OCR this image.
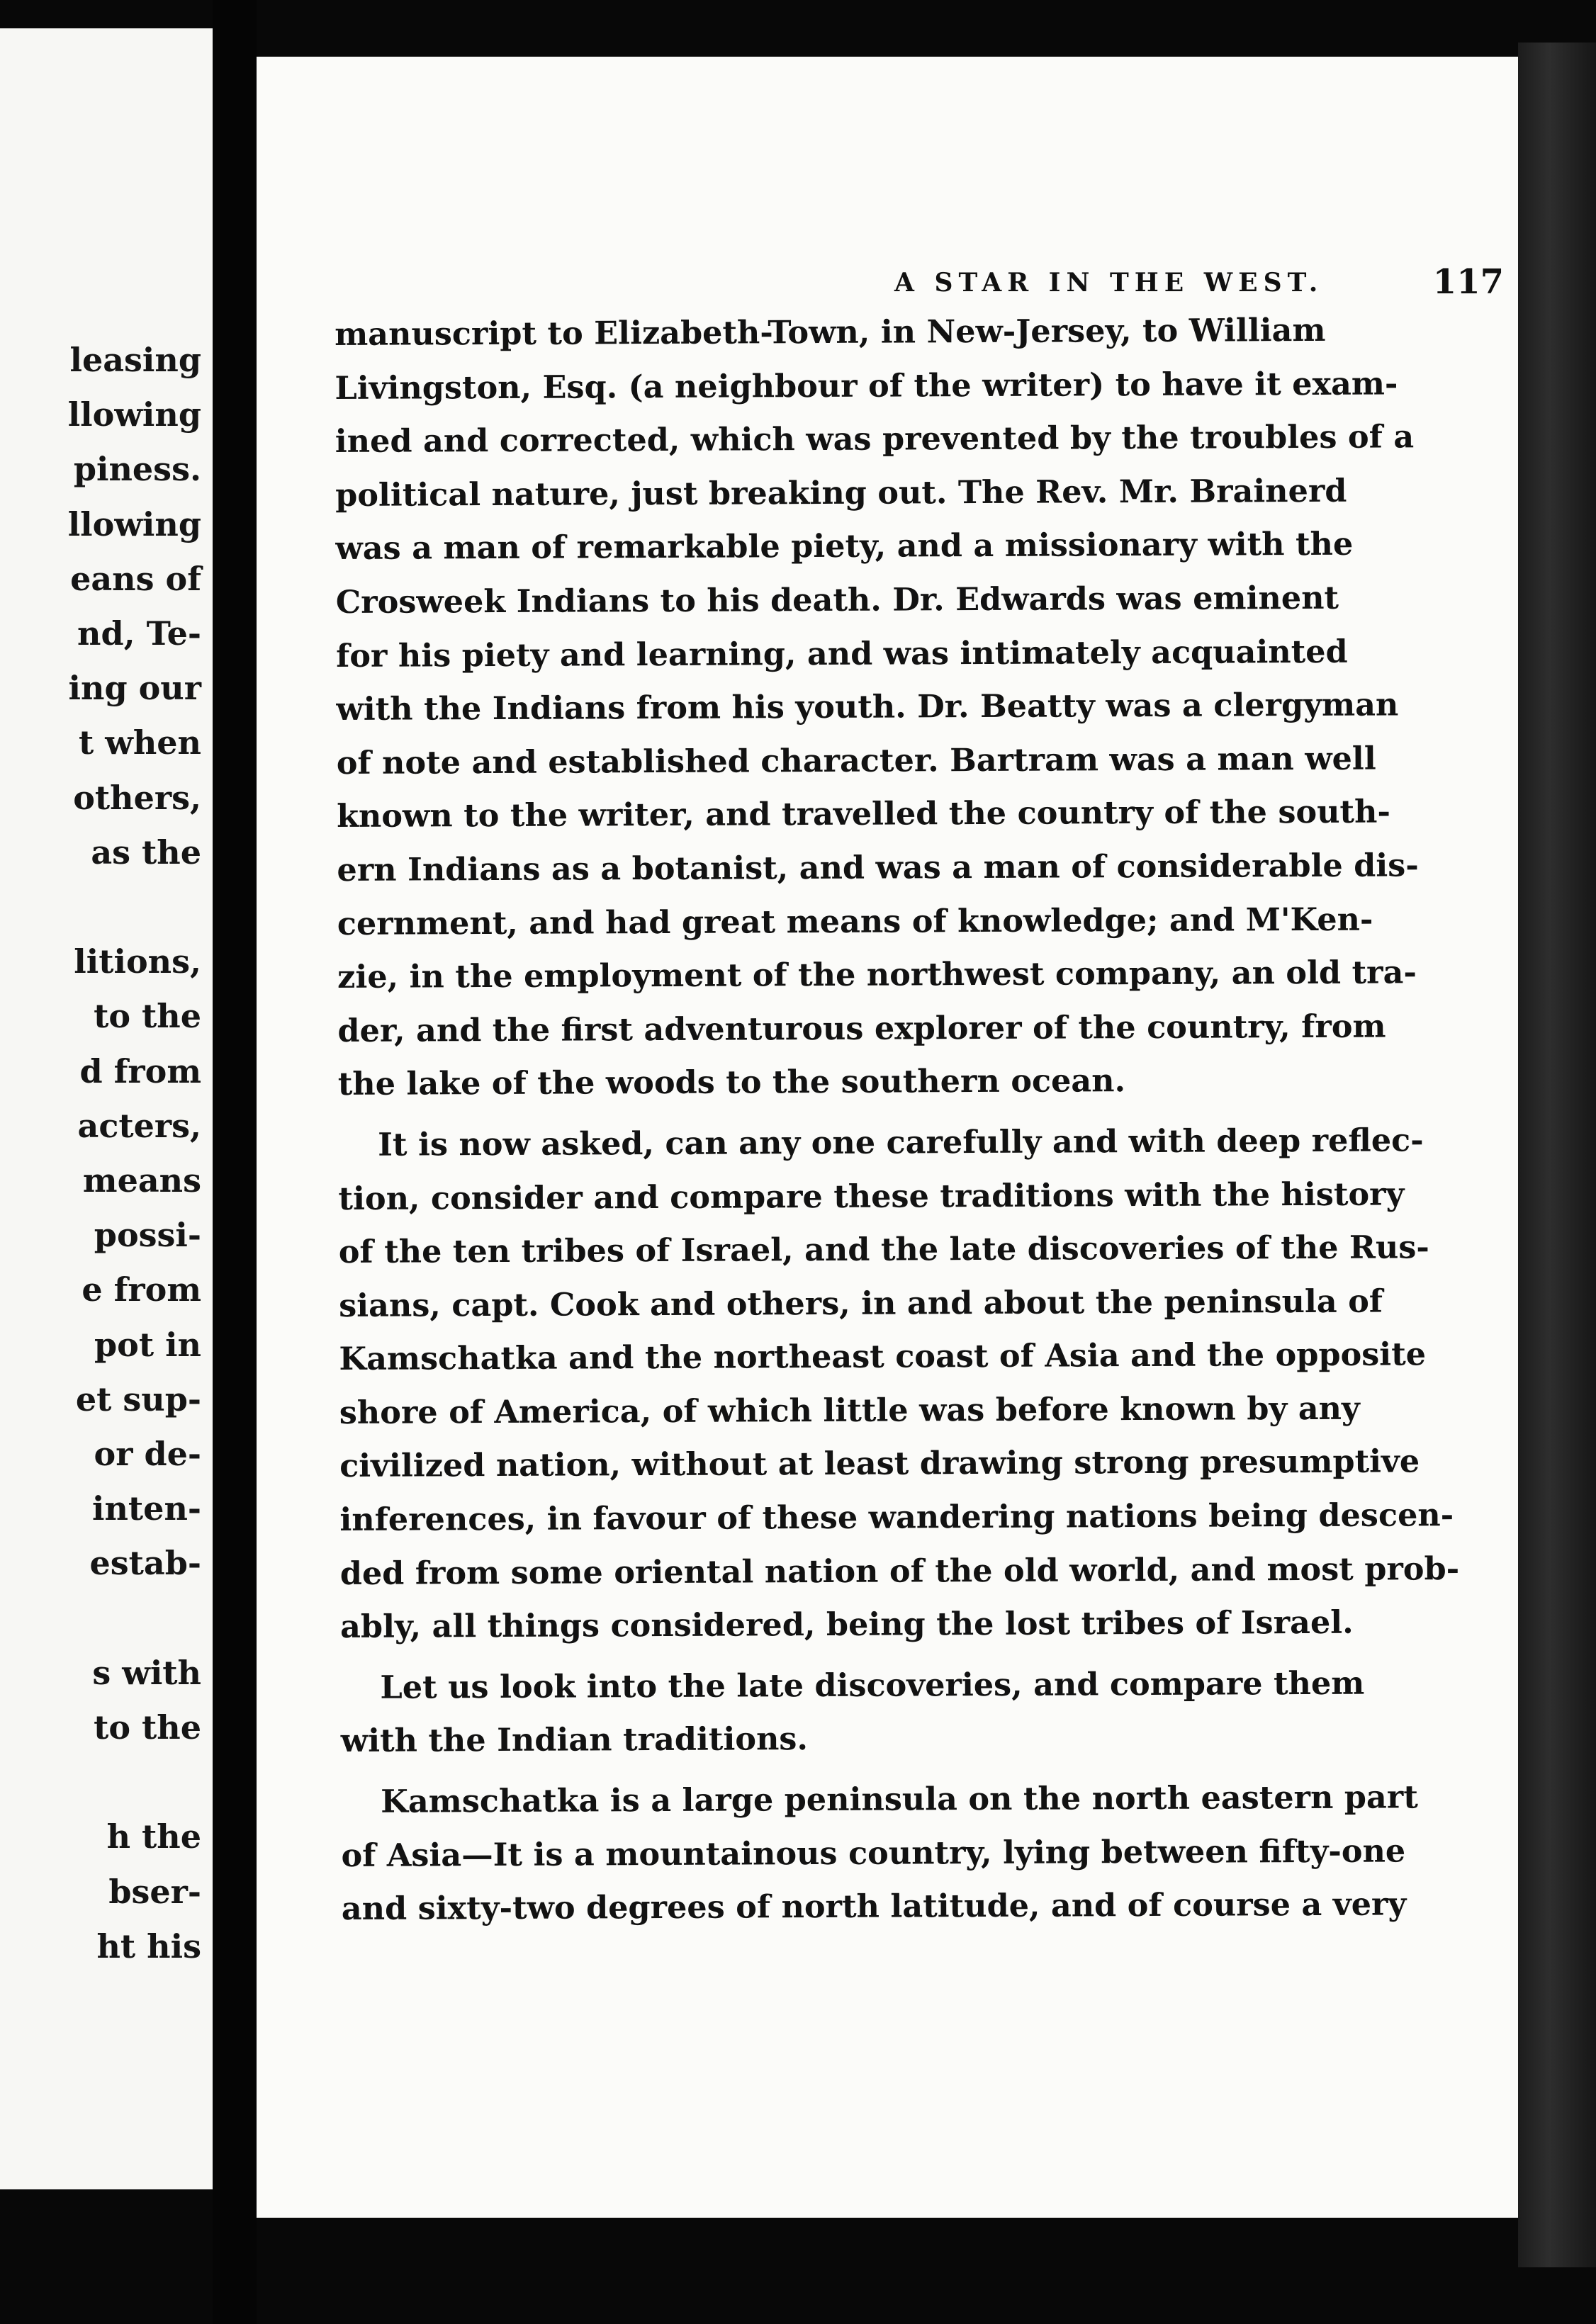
leasing
llowing
piness.
llowing
eans of
nd, Te-
ing our
t when
others,
as the

litions,
to the
d from
acters,
means
possi-
e from
pot in
et sup-
or de-
inten-
estab-

s with
to the

h the
bser-
ht his
A STAR IN THE WEST.	117
manuscript to Elizabeth-Town, in New-Jersey, to William
Livingston, Esq. (a neighbour of the writer) to have it exam-
ined and corrected, which was prevented by the troubles of a
political nature, just breaking out. The Rev. Mr. Brainerd
was a man of remarkable piety, and a missionary with the
Crosweek Indians to his death. Dr. Edwards was eminent
for his piety and learning, and was intimately acquainted
with the Indians from his youth. Dr. Beatty was a clergyman
of note and established character. Bartram was a man well
known to the writer, and travelled the country of the south-
ern Indians as a botanist, and was a man of considerable dis-
cernment, and had great means of knowledge; and M'Ken-
zie, in the employment of the northwest company, an old tra-
der, and the first adventurous explorer of the country, from
the lake of the woods to the southern ocean.
It is now asked, can any one carefully and with deep reflec-
tion, consider and compare these traditions with the history
of the ten tribes of Israel, and the late discoveries of the Rus-
sians, capt. Cook and others, in and about the peninsula of
Kamschatka and the northeast coast of Asia and the opposite
shore of America, of which little was before known by any
civilized nation, without at least drawing strong presumptive
inferences, in favour of these wandering nations being descen-
ded from some oriental nation of the old world, and most prob-
ably, all things considered, being the lost tribes of Israel.
Let us look into the late discoveries, and compare them
with the Indian traditions.
Kamschatka is a large peninsula on the north eastern part
of Asia—It is a mountainous country, lying between fifty-one
and sixty-two degrees of north latitude, and of course a very
